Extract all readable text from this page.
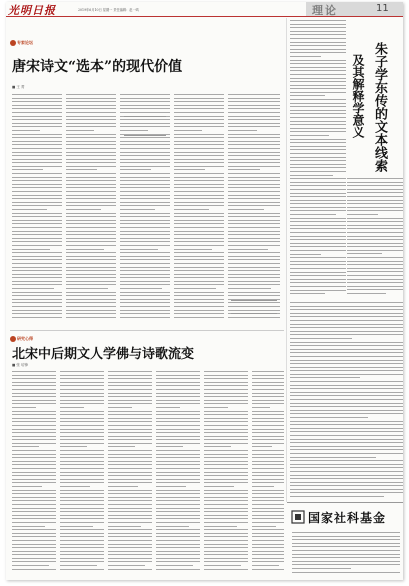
光明日报	2019年6月10日 星期一 责任编辑：赵一鸣	理论	11
专家论坛
唐宋诗文“选本”的现代价值
■ 王 菁
研究心得
北宋中后期文人学佛与诗歌流变
■ 张 培锋
朱子学东传的文本线索
及其解释学意义
国家社科基金
